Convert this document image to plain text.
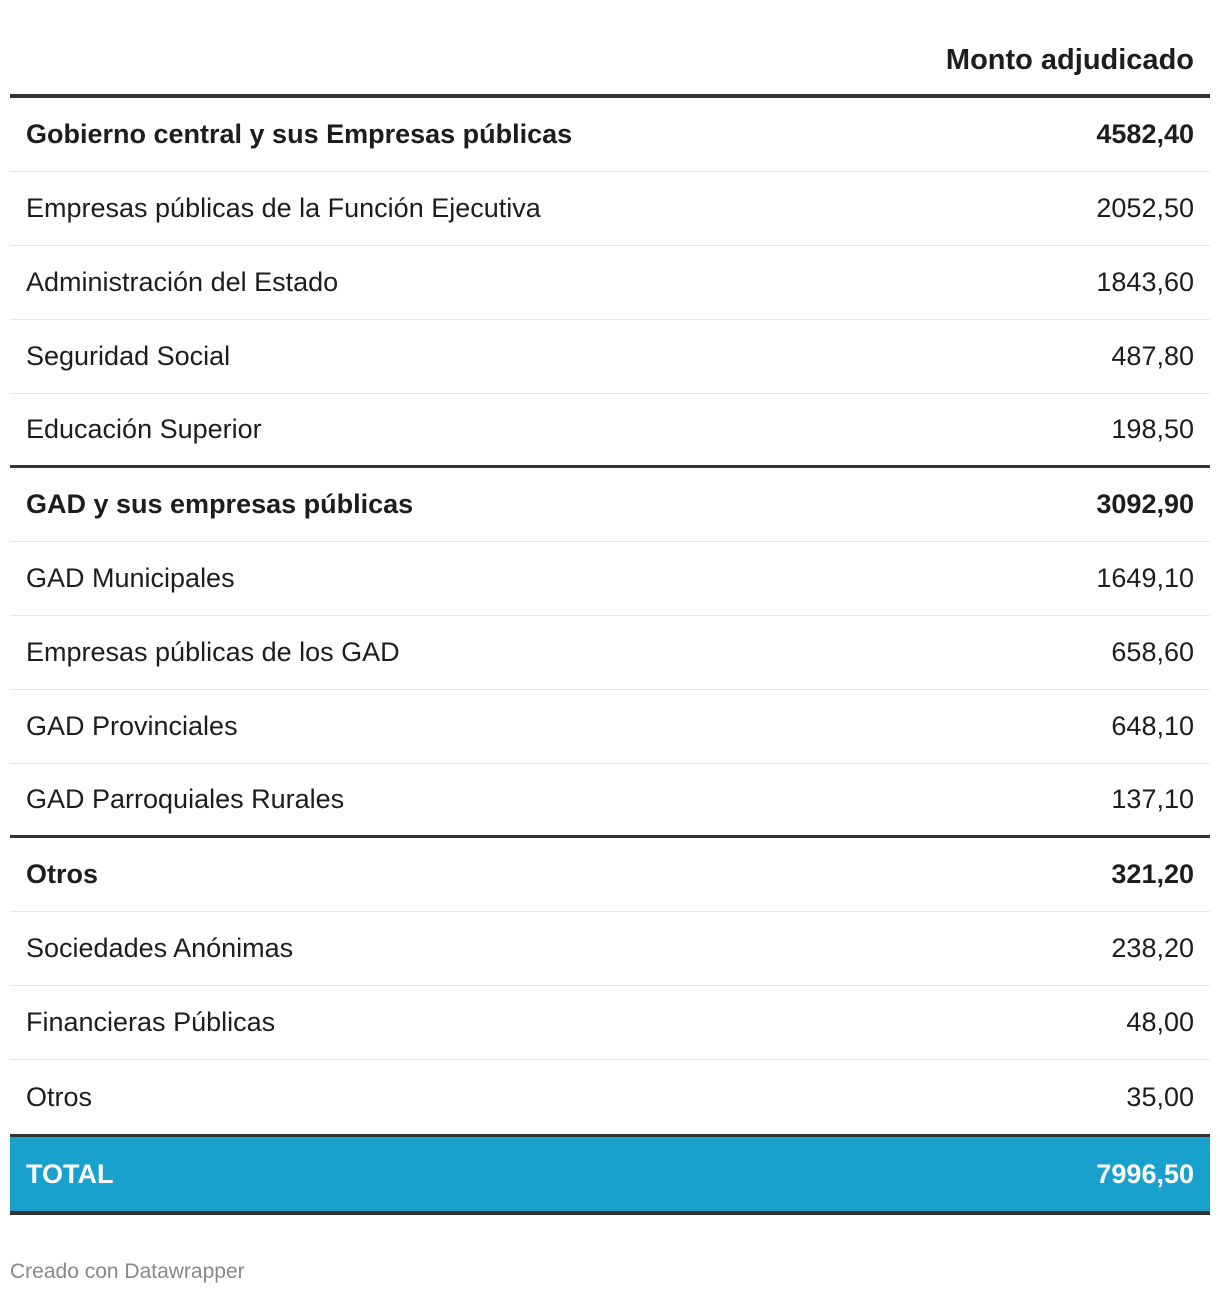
Monto adjudicado
Gobierno central y sus Empresas públicas	4582,40
Empresas públicas de la Función Ejecutiva	2052,50
Administración del Estado	1843,60
Seguridad Social	487,80
Educación Superior	198,50
GAD y sus empresas públicas	3092,90
GAD Municipales	1649,10
Empresas públicas de los GAD	658,60
GAD Provinciales	648,10
GAD Parroquiales Rurales	137,10
Otros	321,20
Sociedades Anónimas	238,20
Financieras Públicas	48,00
Otros	35,00
TOTAL	7996,50
Creado con Datawrapper
